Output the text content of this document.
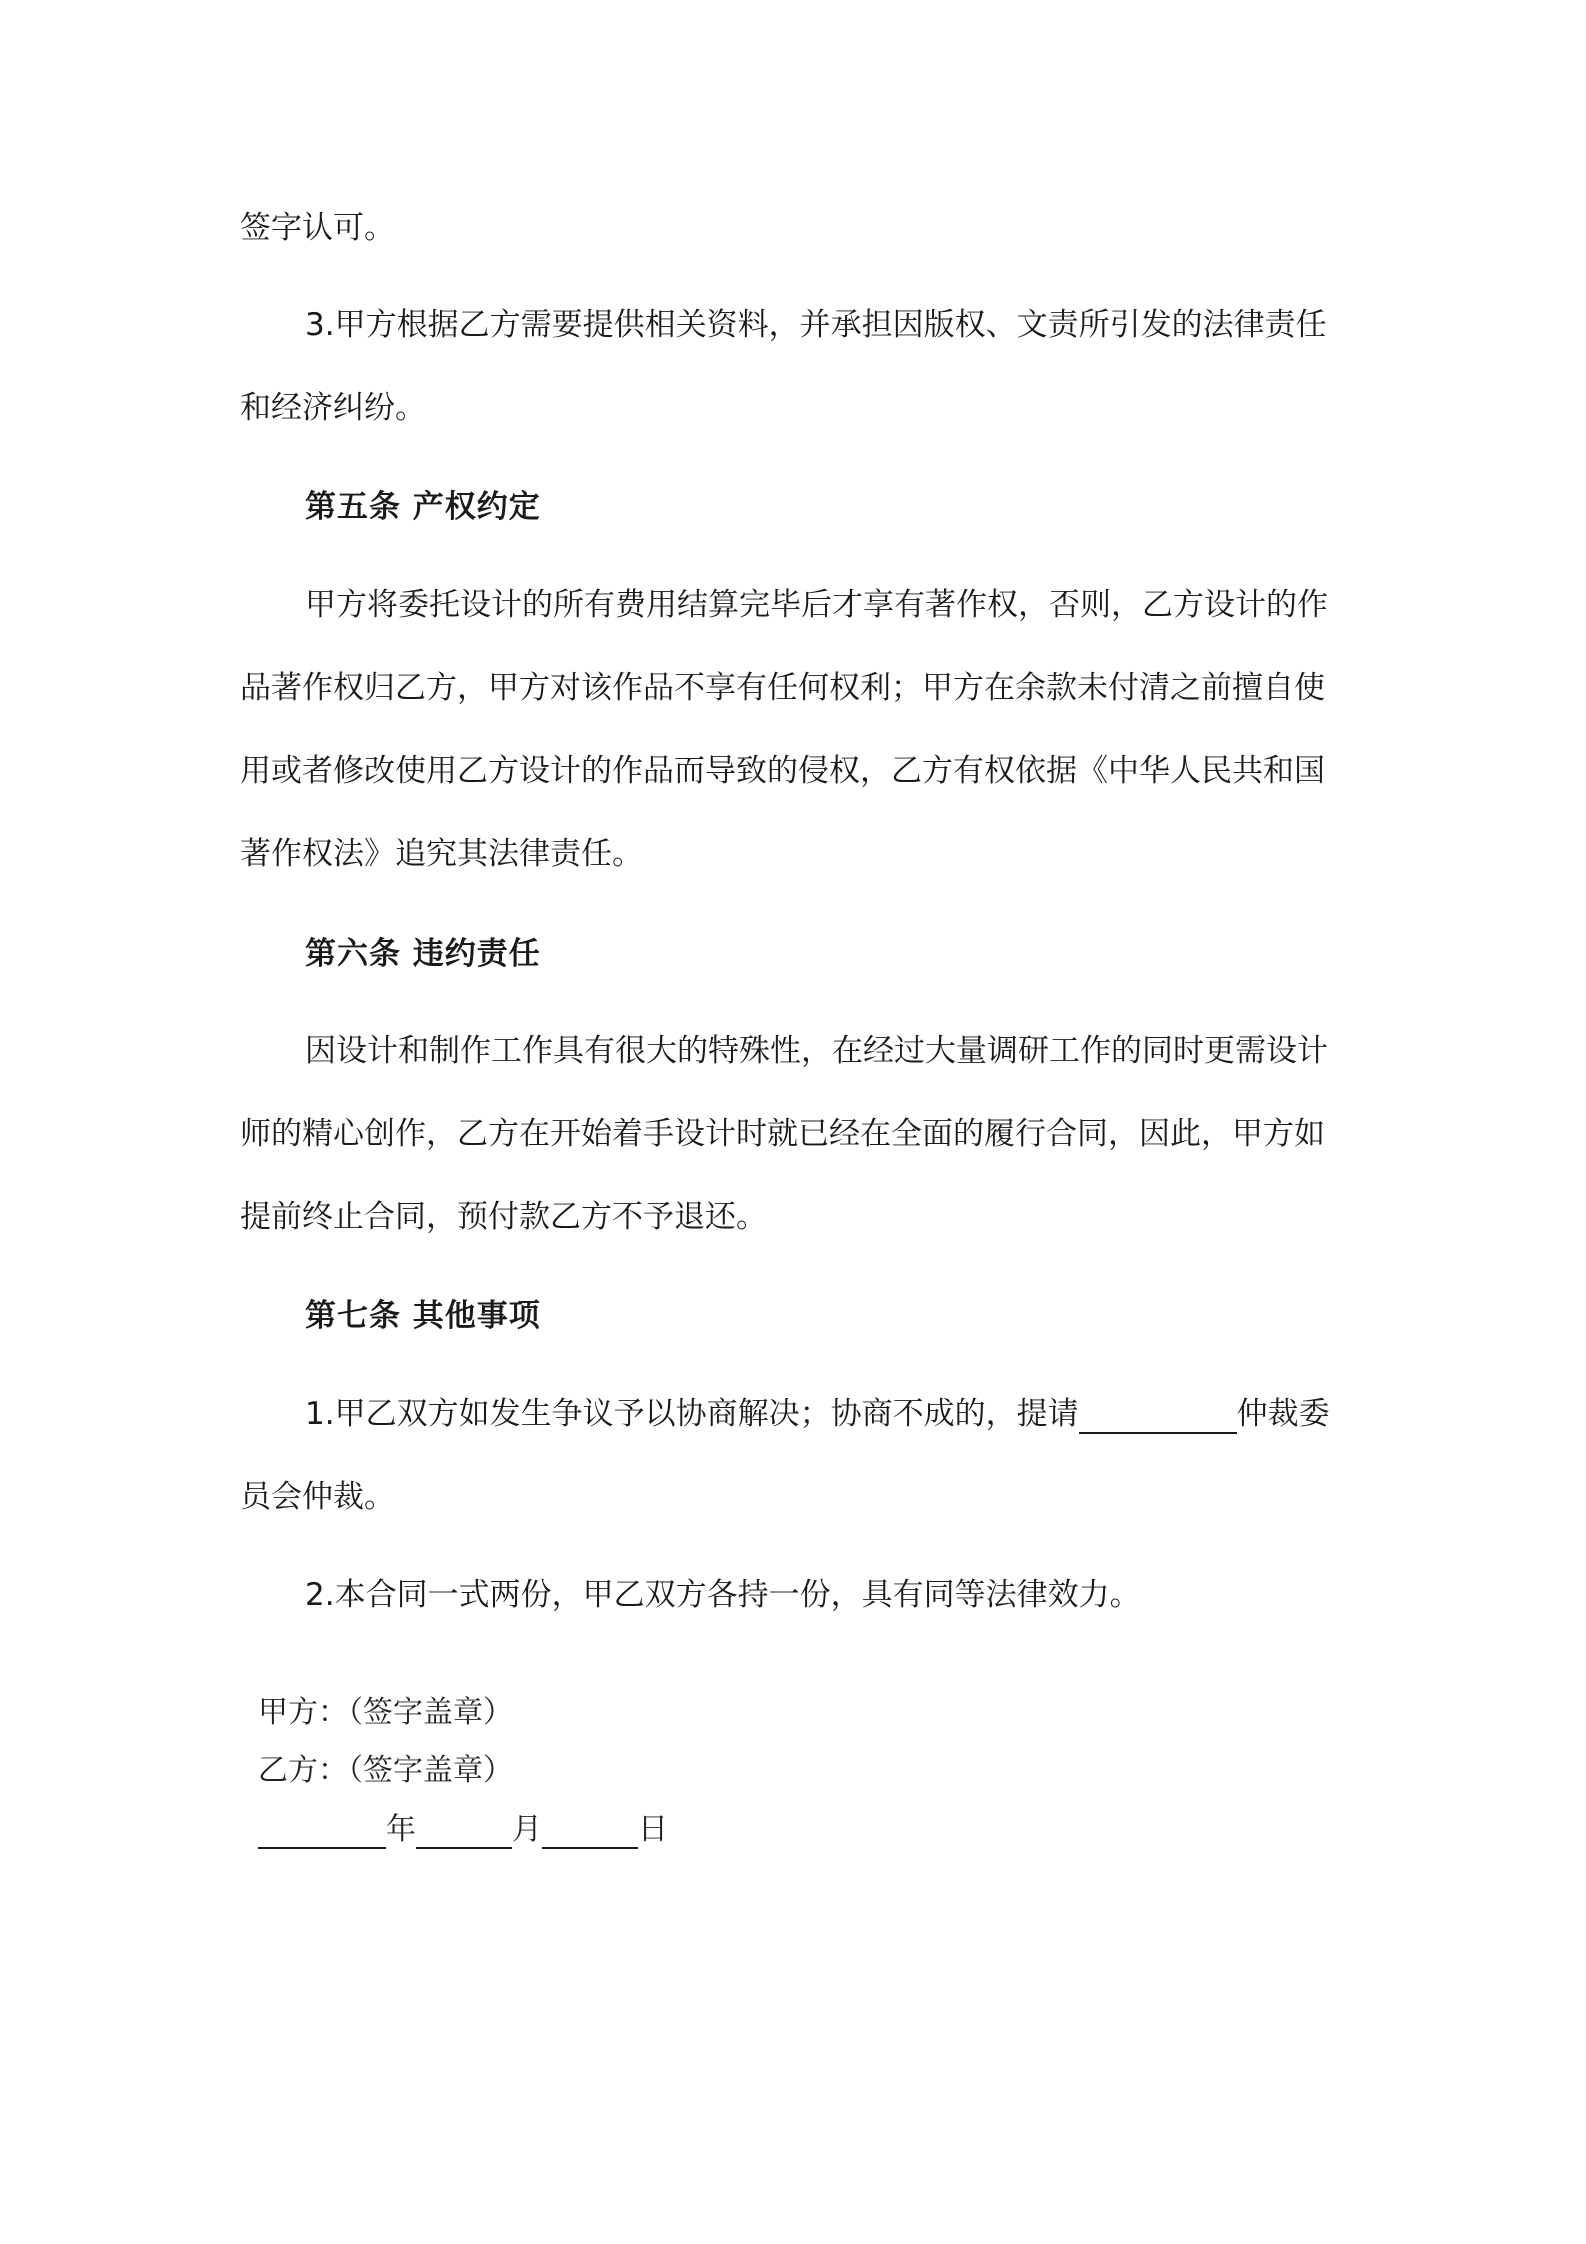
签字认可。
3.甲方根据乙方需要提供相关资料，并承担因版权、文责所引发的法律责任
和经济纠纷。
第五条 产权约定
甲方将委托设计的所有费用结算完毕后才享有著作权，否则，乙方设计的作
品著作权归乙方，甲方对该作品不享有任何权利；甲方在余款未付清之前擅自使
用或者修改使用乙方设计的作品而导致的侵权，乙方有权依据《中华人民共和国
著作权法》追究其法律责任。
第六条 违约责任
因设计和制作工作具有很大的特殊性，在经过大量调研工作的同时更需设计
师的精心创作，乙方在开始着手设计时就已经在全面的履行合同，因此，甲方如
提前终止合同，预付款乙方不予退还。
第七条 其他事项
1.甲乙双方如发生争议予以协商解决；协商不成的，提请	仲裁委
员会仲裁。
2.本合同一式两份，甲乙双方各持一份，具有同等法律效力。
甲方：（签字盖章）
乙方：（签字盖章）
年	月	日
